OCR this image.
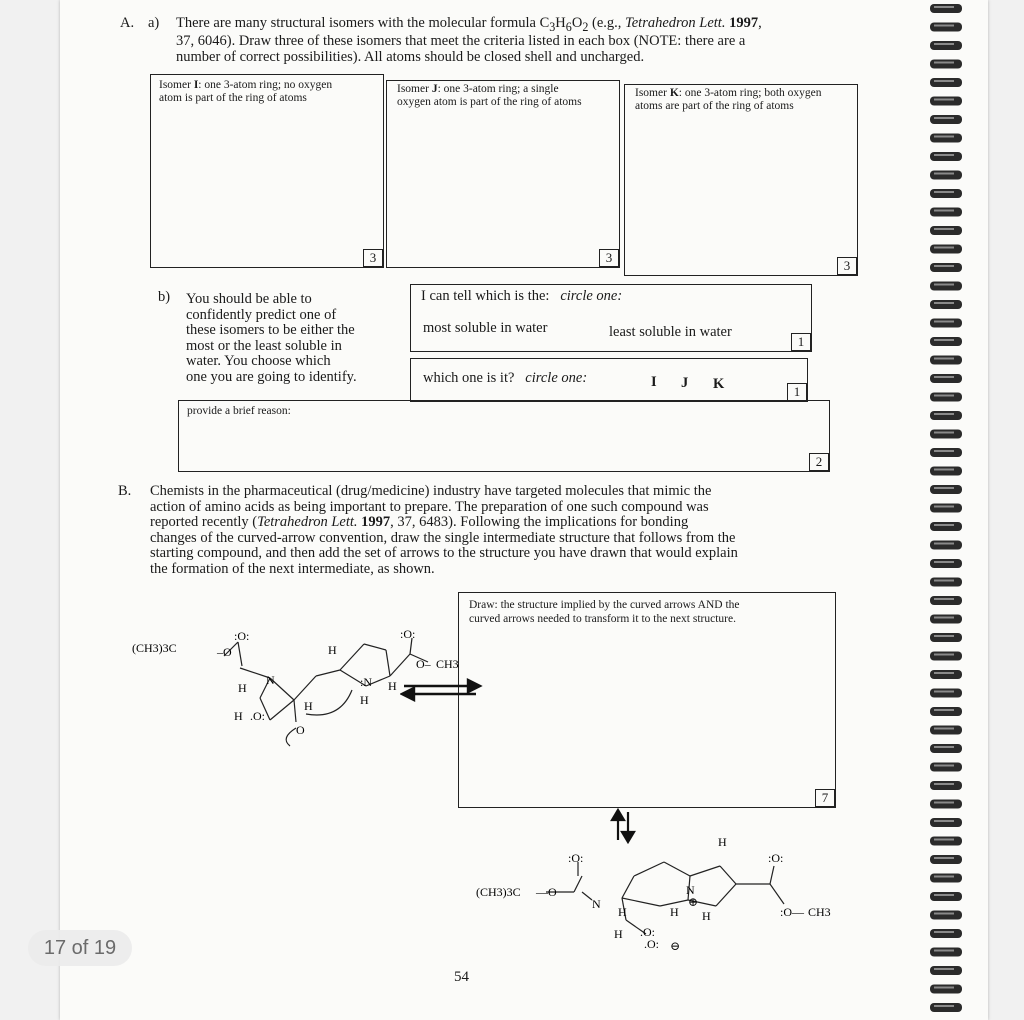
A. a) There are many structural isomers with the molecular formula $C_3H_6O_2$ (e.g., Tetrahedron Lett. 1997,
37, 6046). Draw three of these isomers that meet the criteria listed in each box (NOTE: there are a
number of correct possibilities). All atoms should be closed shell and uncharged.
Isomer I: one 3-atom ring; no oxygen
atom is part of the ring of atoms
3
Isomer J: one 3-atom ring; a single
oxygen atom is part of the ring of atoms
3
Isomer K: one 3-atom ring; both oxygen
atoms are part of the ring of atoms
3
b) You should be able to
confidently predict one of
these isomers to be either the
most or the least soluble in
water. You choose which
one you are going to identify.
I can tell which is the: circle one:
most soluble in water	least soluble in water
1
which one is it? circle one:	I J K	1
provide a brief reason:
2
B. Chemists in the pharmaceutical (drug/medicine) industry have targeted molecules that mimic the
action of amino acids as being important to prepare. The preparation of one such compound was
reported recently (Tetrahedron Lett. 1997, 37, 6483). Following the implications for bonding
changes of the curved-arrow convention, draw the single intermediate structure that follows from the
starting compound, and then add the set of arrows to the structure you have drawn that would explain
the formation of the next intermediate, as shown.
Draw: the structure implied by the curved arrows AND the
curved arrows needed to transform it to the next structure.
7
(CH3)3C	–O
:O:
N
H
H .O:
O
H
H
:N
H
H
:O:
O– CH3
(CH3)3C —O
:O:
N
H
.O:
H H
N
⊕
H
:O:
:O— CH3
H
.O: ⊖
54
17 of 19
